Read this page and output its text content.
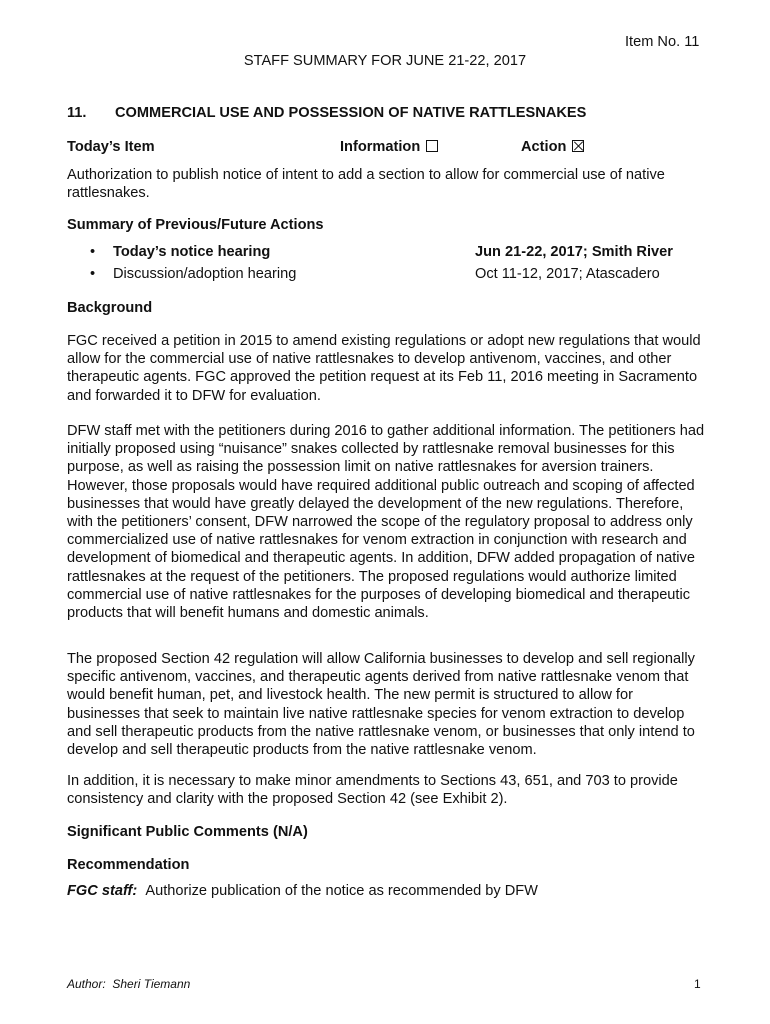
Item No. 11
STAFF SUMMARY FOR JUNE 21-22, 2017
11. COMMERCIAL USE AND POSSESSION OF NATIVE RATTLESNAKES
Today’s Item	Information	Action

Authorization to publish notice of intent to add a section to allow for commercial use of native rattlesnakes.

Summary of Previous/Future Actions
• Today’s notice hearing	Jun 21-22, 2017; Smith River
• Discussion/adoption hearing	Oct 11-12, 2017; Atascadero
Background

FGC received a petition in 2015 to amend existing regulations or adopt new regulations that would allow for the commercial use of native rattlesnakes to develop antivenom, vaccines, and other therapeutic agents. FGC approved the petition request at its Feb 11, 2016 meeting in Sacramento and forwarded it to DFW for evaluation.

DFW staff met with the petitioners during 2016 to gather additional information. The petitioners had initially proposed using “nuisance” snakes collected by rattlesnake removal businesses for this purpose, as well as raising the possession limit on native rattlesnakes for aversion trainers. However, those proposals would have required additional public outreach and scoping of affected businesses that would have greatly delayed the development of the new regulations. Therefore, with the petitioners’ consent, DFW narrowed the scope of the regulatory proposal to address only commercialized use of native rattlesnakes for venom extraction in conjunction with research and development of biomedical and therapeutic agents. In addition, DFW added propagation of native rattlesnakes at the request of the petitioners. The proposed regulations would authorize limited commercial use of native rattlesnakes for the purposes of developing biomedical and therapeutic products that will benefit humans and domestic animals.

The proposed Section 42 regulation will allow California businesses to develop and sell regionally specific antivenom, vaccines, and therapeutic agents derived from native rattlesnake venom that would benefit human, pet, and livestock health. The new permit is structured to allow for businesses that seek to maintain live native rattlesnake species for venom extraction to develop and sell therapeutic products from the native rattlesnake venom, or businesses that only intend to develop and sell therapeutic products from the native rattlesnake venom.

In addition, it is necessary to make minor amendments to Sections 43, 651, and 703 to provide consistency and clarity with the proposed Section 42 (see Exhibit 2).

Significant Public Comments (N/A)
Recommendation
FGC staff: Authorize publication of the notice as recommended by DFW
Author:  Sheri Tiemann	1
